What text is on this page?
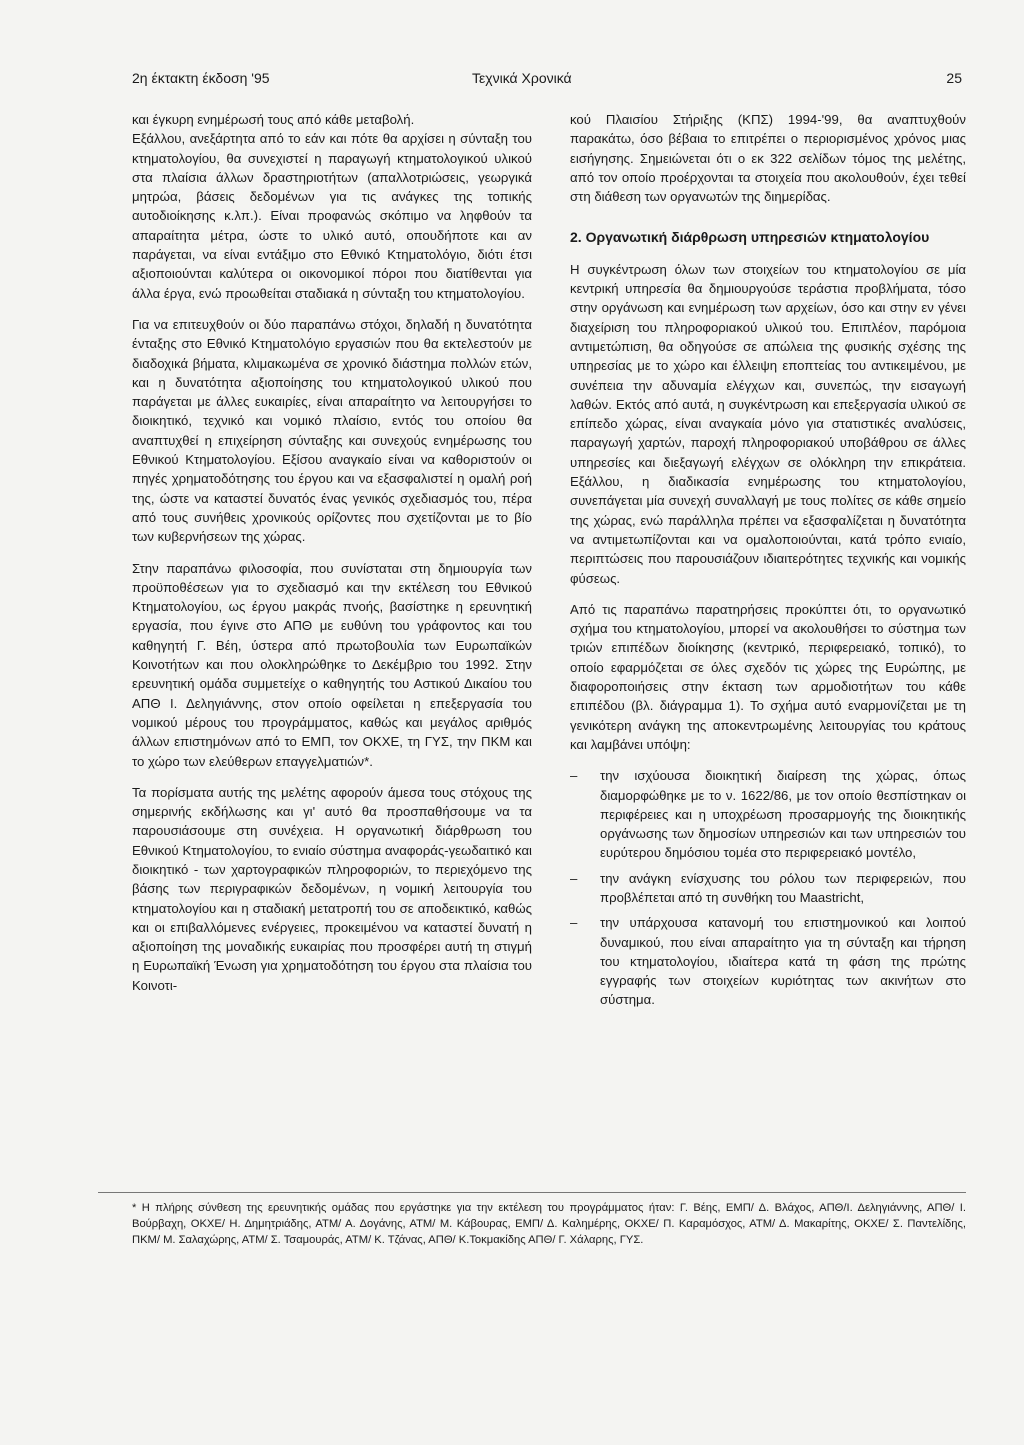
2η έκτακτη έκδοση '95	Τεχνικά Χρονικά	25

και έγκυρη ενημέρωσή τους από κάθε μεταβολή.

Εξάλλου, ανεξάρτητα από το εάν και πότε θα αρχίσει η σύνταξη του κτηματολογίου, θα συνεχιστεί η παραγωγή κτηματολογικού υλικού στα πλαίσια άλλων δραστηριοτήτων (απαλλοτριώσεις, γεωργικά μητρώα, βάσεις δεδομένων για τις ανάγκες της τοπικής αυτοδιοίκησης κ.λπ.). Είναι προφανώς σκόπιμο να ληφθούν τα απαραίτητα μέτρα, ώστε το υλικό αυτό, οπουδήποτε και αν παράγεται, να είναι εντάξιμο στο Εθνικό Κτηματολόγιο, διότι έτσι αξιοποιούνται καλύτερα οι οικονομικοί πόροι που διατίθενται για άλλα έργα, ενώ προωθείται σταδιακά η σύνταξη του κτηματολογίου.

Για να επιτευχθούν οι δύο παραπάνω στόχοι, δηλαδή η δυνατότητα ένταξης στο Εθνικό Κτηματολόγιο εργασιών που θα εκτελεστούν με διαδοχικά βήματα, κλιμακωμένα σε χρονικό διάστημα πολλών ετών, και η δυνατότητα αξιοποίησης του κτηματολογικού υλικού που παράγεται με άλλες ευκαιρίες, είναι απαραίτητο να λειτουργήσει το διοικητικό, τεχνικό και νομικό πλαίσιο, εντός του οποίου θα αναπτυχθεί η επιχείρηση σύνταξης και συνεχούς ενημέρωσης του Εθνικού Κτηματολογίου. Εξίσου αναγκαίο είναι να καθοριστούν οι πηγές χρηματοδότησης του έργου και να εξασφαλιστεί η ομαλή ροή της, ώστε να καταστεί δυνατός ένας γενικός σχεδιασμός του, πέρα από τους συνήθεις χρονικούς ορίζοντες που σχετίζονται με το βίο των κυβερνήσεων της χώρας.

Στην παραπάνω φιλοσοφία, που συνίσταται στη δημιουργία των προϋποθέσεων για το σχεδιασμό και την εκτέλεση του Εθνικού Κτηματολογίου, ως έργου μακράς πνοής, βασίστηκε η ερευνητική εργασία, που έγινε στο ΑΠΘ με ευθύνη του γράφοντος και του καθηγητή Γ. Βέη, ύστερα από πρωτοβουλία των Ευρωπαϊκών Κοινοτήτων και που ολοκληρώθηκε το Δεκέμβριο του 1992. Στην ερευνητική ομάδα συμμετείχε ο καθηγητής του Αστικού Δικαίου του ΑΠΘ Ι. Δεληγιάννης, στον οποίο οφείλεται η επεξεργασία του νομικού μέρους του προγράμματος, καθώς και μεγάλος αριθμός άλλων επιστημόνων από το ΕΜΠ, τον ΟΚΧΕ, τη ΓΥΣ, την ΠΚΜ και το χώρο των ελεύθερων επαγγελματιών*.

Τα πορίσματα αυτής της μελέτης αφορούν άμεσα τους στόχους της σημερινής εκδήλωσης και γι' αυτό θα προσπαθήσουμε να τα παρουσιάσουμε στη συνέχεια. Η οργανωτική διάρθρωση του Εθνικού Κτηματολογίου, το ενιαίο σύστημα αναφοράς-γεωδαιτικό και διοικητικό - των χαρτογραφικών πληροφοριών, το περιεχόμενο της βάσης των περιγραφικών δεδομένων, η νομική λειτουργία του κτηματολογίου και η σταδιακή μετατροπή του σε αποδεικτικό, καθώς και οι επιβαλλόμενες ενέργειες, προκειμένου να καταστεί δυνατή η αξιοποίηση της μοναδικής ευκαιρίας που προσφέρει αυτή τη στιγμή η Ευρωπαϊκή Ένωση για χρηματοδότηση του έργου στα πλαίσια του Κοινοτι-

κού Πλαισίου Στήριξης (ΚΠΣ) 1994-'99, θα αναπτυχθούν παρακάτω, όσο βέβαια το επιτρέπει ο περιορισμένος χρόνος μιας εισήγησης. Σημειώνεται ότι ο εκ 322 σελίδων τόμος της μελέτης, από τον οποίο προέρχονται τα στοιχεία που ακολουθούν, έχει τεθεί στη διάθεση των οργανωτών της διημερίδας.

2. Οργανωτική διάρθρωση υπηρεσιών κτηματολογίου

Η συγκέντρωση όλων των στοιχείων του κτηματολογίου σε μία κεντρική υπηρεσία θα δημιουργούσε τεράστια προβλήματα, τόσο στην οργάνωση και ενημέρωση των αρχείων, όσο και στην εν γένει διαχείριση του πληροφοριακού υλικού του. Επιπλέον, παρόμοια αντιμετώπιση, θα οδηγούσε σε απώλεια της φυσικής σχέσης της υπηρεσίας με το χώρο και έλλειψη εποπτείας του αντικειμένου, με συνέπεια την αδυναμία ελέγχων και, συνεπώς, την εισαγωγή λαθών. Εκτός από αυτά, η συγκέντρωση και επεξεργασία υλικού σε επίπεδο χώρας, είναι αναγκαία μόνο για στατιστικές αναλύσεις, παραγωγή χαρτών, παροχή πληροφοριακού υποβάθρου σε άλλες υπηρεσίες και διεξαγωγή ελέγχων σε ολόκληρη την επικράτεια. Εξάλλου, η διαδικασία ενημέρωσης του κτηματολογίου, συνεπάγεται μία συνεχή συναλλαγή με τους πολίτες σε κάθε σημείο της χώρας, ενώ παράλληλα πρέπει να εξασφαλίζεται η δυνατότητα να αντιμετωπίζονται και να ομαλοποιούνται, κατά τρόπο ενιαίο, περιπτώσεις που παρουσιάζουν ιδιαιτερότητες τεχνικής και νομικής φύσεως.

Από τις παραπάνω παρατηρήσεις προκύπτει ότι, το οργανωτικό σχήμα του κτηματολογίου, μπορεί να ακολουθήσει το σύστημα των τριών επιπέδων διοίκησης (κεντρικό, περιφερειακό, τοπικό), το οποίο εφαρμόζεται σε όλες σχεδόν τις χώρες της Ευρώπης, με διαφοροποιήσεις στην έκταση των αρμοδιοτήτων του κάθε επιπέδου (βλ. διάγραμμα 1). Το σχήμα αυτό εναρμονίζεται με τη γενικότερη ανάγκη της αποκεντρωμένης λειτουργίας του κράτους και λαμβάνει υπόψη:

– την ισχύουσα διοικητική διαίρεση της χώρας, όπως διαμορφώθηκε με το ν. 1622/86, με τον οποίο θεσπίστηκαν οι περιφέρειες και η υποχρέωση προσαρμογής της διοικητικής οργάνωσης των δημοσίων υπηρεσιών και των υπηρεσιών του ευρύτερου δημόσιου τομέα στο περιφερειακό μοντέλο,
– την ανάγκη ενίσχυσης του ρόλου των περιφερειών, που προβλέπεται από τη συνθήκη του Maastricht,
– την υπάρχουσα κατανομή του επιστημονικού και λοιπού δυναμικού, που είναι απαραίτητο για τη σύνταξη και τήρηση του κτηματολογίου, ιδιαίτερα κατά τη φάση της πρώτης εγγραφής των στοιχείων κυριότητας των ακινήτων στο σύστημα.
* Η πλήρης σύνθεση της ερευνητικής ομάδας που εργάστηκε για την εκτέλεση του προγράμματος ήταν: Γ. Βέης, ΕΜΠ/ Δ. Βλάχος, ΑΠΘ/Ι. Δεληγιάννης, ΑΠΘ/ Ι. Βούρβαχη, ΟΚΧΕ/ Η. Δημητριάδης, ΑΤΜ/ Α. Δογάνης, ΑΤΜ/ Μ. Κάβουρας, ΕΜΠ/ Δ. Καλημέρης, ΟΚΧΕ/ Π. Καραμόσχος, ΑΤΜ/ Δ. Μακαρίτης, ΟΚΧΕ/ Σ. Παντελίδης, ΠΚΜ/ Μ. Σαλαχώρης, ΑΤΜ/ Σ. Τσαμουράς, ΑΤΜ/ Κ. Τζάνας, ΑΠΘ/ Κ.Τοκμακίδης ΑΠΘ/ Γ. Χάλαρης, ΓΥΣ.
